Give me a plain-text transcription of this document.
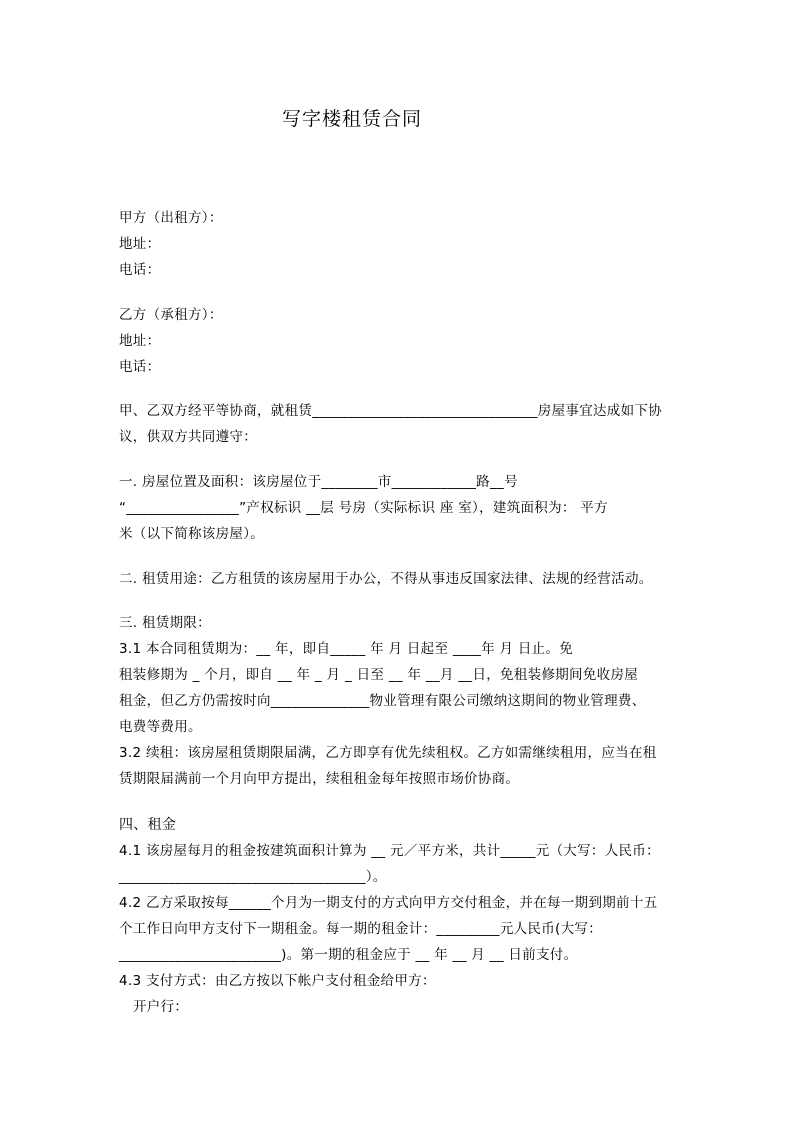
写字楼租赁合同
甲方（出租方）：
地址：
电话：
乙方（承租方）：
地址：
电话：
甲、乙双方经平等协商，就租赁________________________________房屋事宜达成如下协
议，供双方共同遵守：
一. 房屋位置及面积：该房屋位于________市____________路__号
“________________”产权标识 __层 号房（实际标识 座 室），建筑面积为： 平方
米（以下简称该房屋）。
二. 租赁用途：乙方租赁的该房屋用于办公，不得从事违反国家法律、法规的经营活动。
三. 租赁期限：
3.1 本合同租赁期为：__ 年，即自_____ 年 月 日起至 ____年 月 日止。免
租装修期为 _ 个月，即自 __ 年 _ 月 _ 日至 __ 年 __月 __日，免租装修期间免收房屋
租金，但乙方仍需按时向______________物业管理有限公司缴纳这期间的物业管理费、
电费等费用。
3.2 续租：该房屋租赁期限届满，乙方即享有优先续租权。乙方如需继续租用，应当在租
赁期限届满前一个月向甲方提出，续租租金每年按照市场价协商。
四、租金
4.1 该房屋每月的租金按建筑面积计算为 __ 元／平方米，共计_____元（大写：人民币：
___________________________________）。
4.2 乙方采取按每______个月为一期支付的方式向甲方交付租金，并在每一期到期前十五
个工作日向甲方支付下一期租金。每一期的租金计：_________元人民币(大写：
_______________________)。第一期的租金应于 __ 年 __ 月 __ 日前支付。
4.3 支付方式：由乙方按以下帐户支付租金给甲方：
开户行：
